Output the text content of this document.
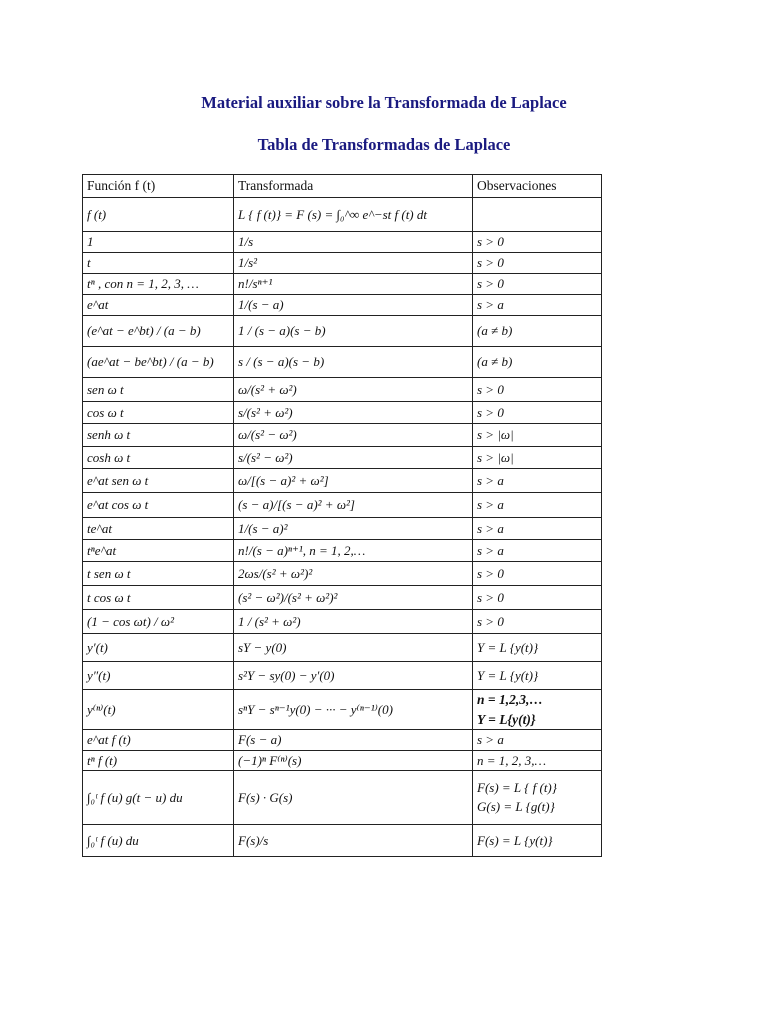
Material auxiliar sobre la Transformada de Laplace
Tabla de Transformadas de Laplace
Función f (t)	Transformada	Observaciones
f (t)	L { f (t)} = F (s) = ∫₀^∞ e^−st f (t) dt	
1	1/s	s > 0
t	1/s²	s > 0
tⁿ , con n = 1, 2, 3, …	n!/sⁿ⁺¹	s > 0
e^at	1/(s − a)	s > a
(e^at − e^bt) / (a − b)	1 / (s − a)(s − b)	(a ≠ b)
(ae^at − be^bt) / (a − b)	s / (s − a)(s − b)	(a ≠ b)
sen ω t	ω/(s² + ω²)	s > 0
cos ω t	s/(s² + ω²)	s > 0
senh ω t	ω/(s² − ω²)	s > |ω|
cosh ω t	s/(s² − ω²)	s > |ω|
e^at sen ω t	ω/[(s − a)² + ω²]	s > a
e^at cos ω t	(s − a)/[(s − a)² + ω²]	s > a
te^at	1/(s − a)²	s > a
tⁿe^at	n!/(s − a)ⁿ⁺¹, n = 1, 2,…	s > a
t sen ω t	2ωs/(s² + ω²)²	s > 0
t cos ω t	(s² − ω²)/(s² + ω²)²	s > 0
(1 − cos ωt) / ω²	1 / (s² + ω²)	s > 0
y′(t)	sY − y(0)	Y = L {y(t)}
y″(t)	s²Y − sy(0) − y′(0)	Y = L {y(t)}
y⁽ⁿ⁾(t)	sⁿY − sⁿ⁻¹y(0) − ··· − y⁽ⁿ⁻¹⁾(0)	n = 1,2,3,…
Y = L{y(t)}

e^at f (t)	F(s − a)	s > a
tⁿ f (t)	(−1)ⁿ F⁽ⁿ⁾(s)	n = 1, 2, 3,…
∫₀ᵗ f (u) g(t − u) du	F(s) · G(s)	F(s) = L { f (t)}
G(s) = L {g(t)}

∫₀ᵗ f (u) du	F(s)/s	F(s) = L {y(t)}
